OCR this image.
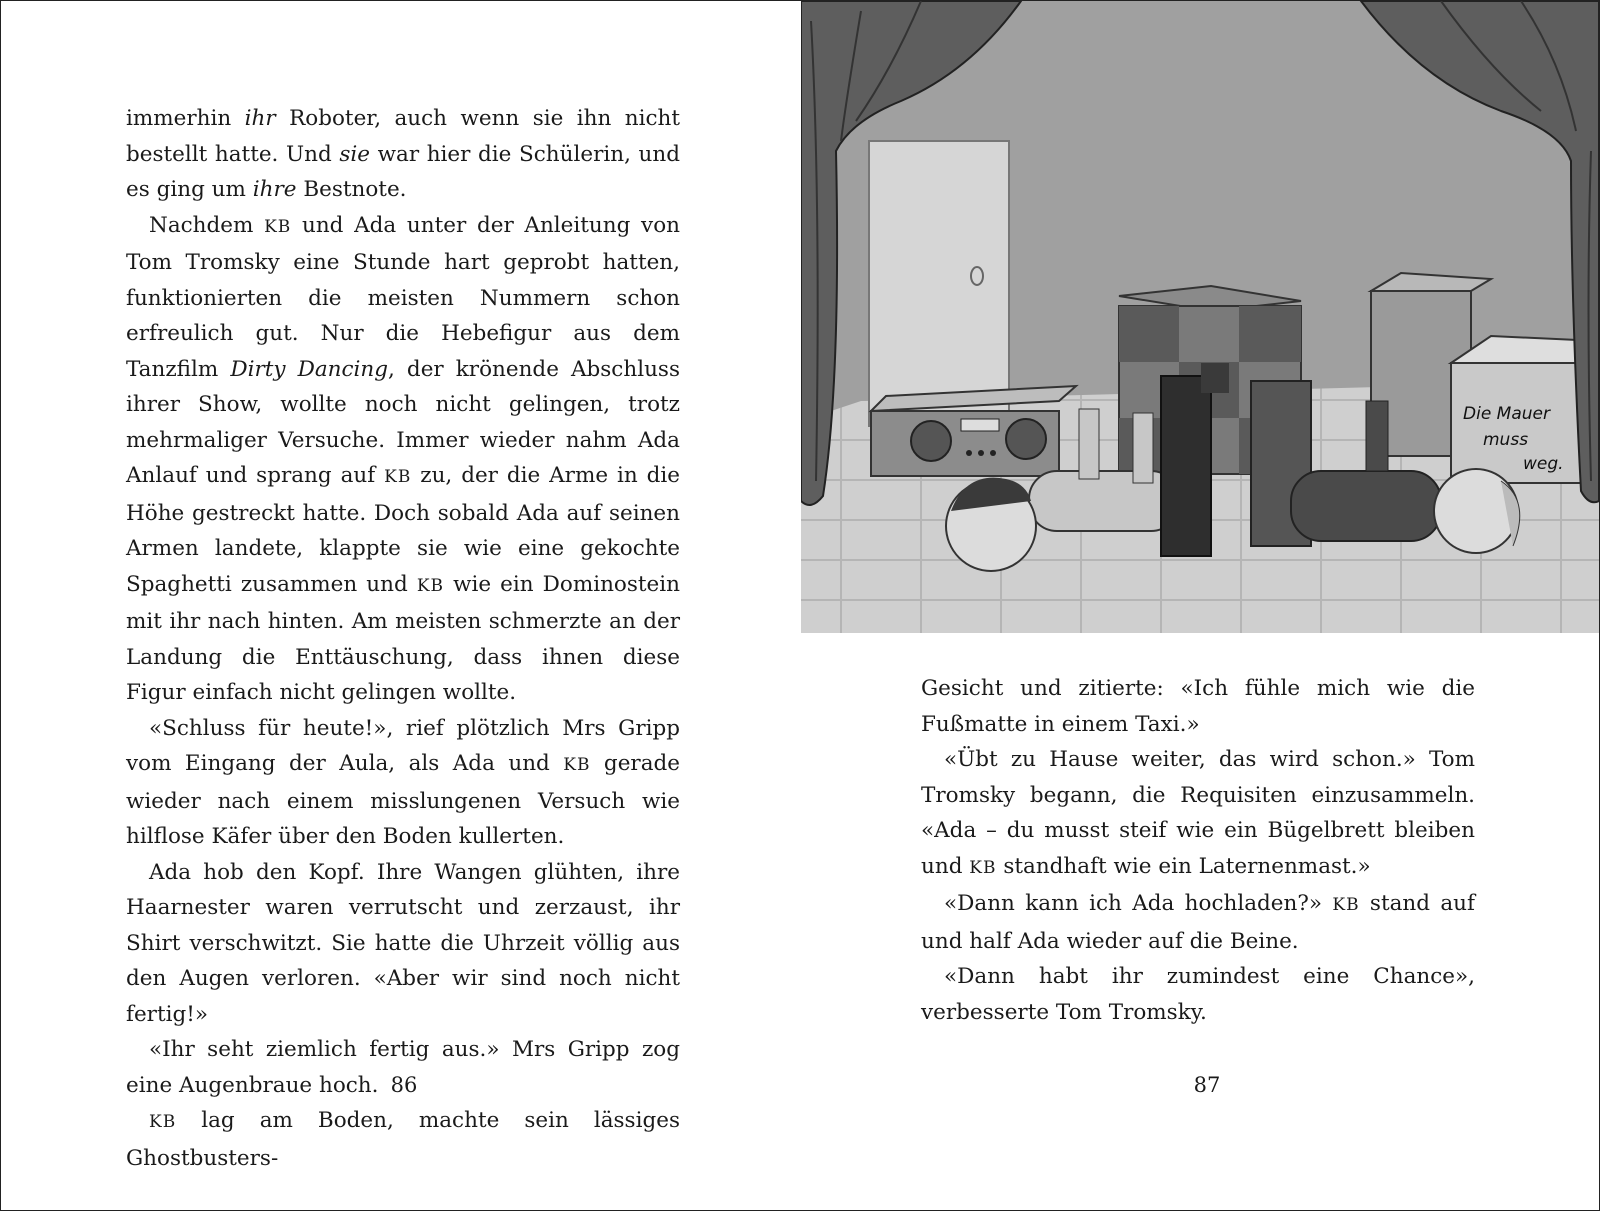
immerhin ihr Roboter, auch wenn sie ihn nicht bestellt hatte. Und sie war hier die Schülerin, und es ging um ihre Bestnote.

Nachdem KB und Ada unter der Anleitung von Tom Tromsky eine Stunde hart geprobt hatten, funktionierten die meisten Nummern schon erfreulich gut. Nur die Hebefigur aus dem Tanzfilm Dirty Dancing, der krönende Abschluss ihrer Show, wollte noch nicht gelingen, trotz mehrmaliger Versuche. Immer wieder nahm Ada Anlauf und sprang auf KB zu, der die Arme in die Höhe gestreckt hatte. Doch sobald Ada auf seinen Armen landete, klappte sie wie eine gekochte Spaghetti zusammen und KB wie ein Dominostein mit ihr nach hinten. Am meisten schmerzte an der Landung die Enttäuschung, dass ihnen diese Figur einfach nicht gelingen wollte.

«Schluss für heute!», rief plötzlich Mrs Gripp vom Eingang der Aula, als Ada und KB gerade wieder nach einem misslungenen Versuch wie hilflose Käfer über den Boden kullerten.

Ada hob den Kopf. Ihre Wangen glühten, ihre Haarnester waren verrutscht und zerzaust, ihr Shirt verschwitzt. Sie hatte die Uhrzeit völlig aus den Augen verloren. «Aber wir sind noch nicht fertig!»

«Ihr seht ziemlich fertig aus.» Mrs Gripp zog eine Augenbraue hoch.

KB lag am Boden, machte sein lässiges Ghostbusters-

86
Die Mauer
muss
weg.

Gesicht und zitierte: «Ich fühle mich wie die Fußmatte in einem Taxi.»

«Übt zu Hause weiter, das wird schon.» Tom Tromsky begann, die Requisiten einzusammeln. «Ada – du musst steif wie ein Bügelbrett bleiben und KB standhaft wie ein Laternenmast.»

«Dann kann ich Ada hochladen?» KB stand auf und half Ada wieder auf die Beine.

«Dann habt ihr zumindest eine Chance», verbesserte Tom Tromsky.

87
